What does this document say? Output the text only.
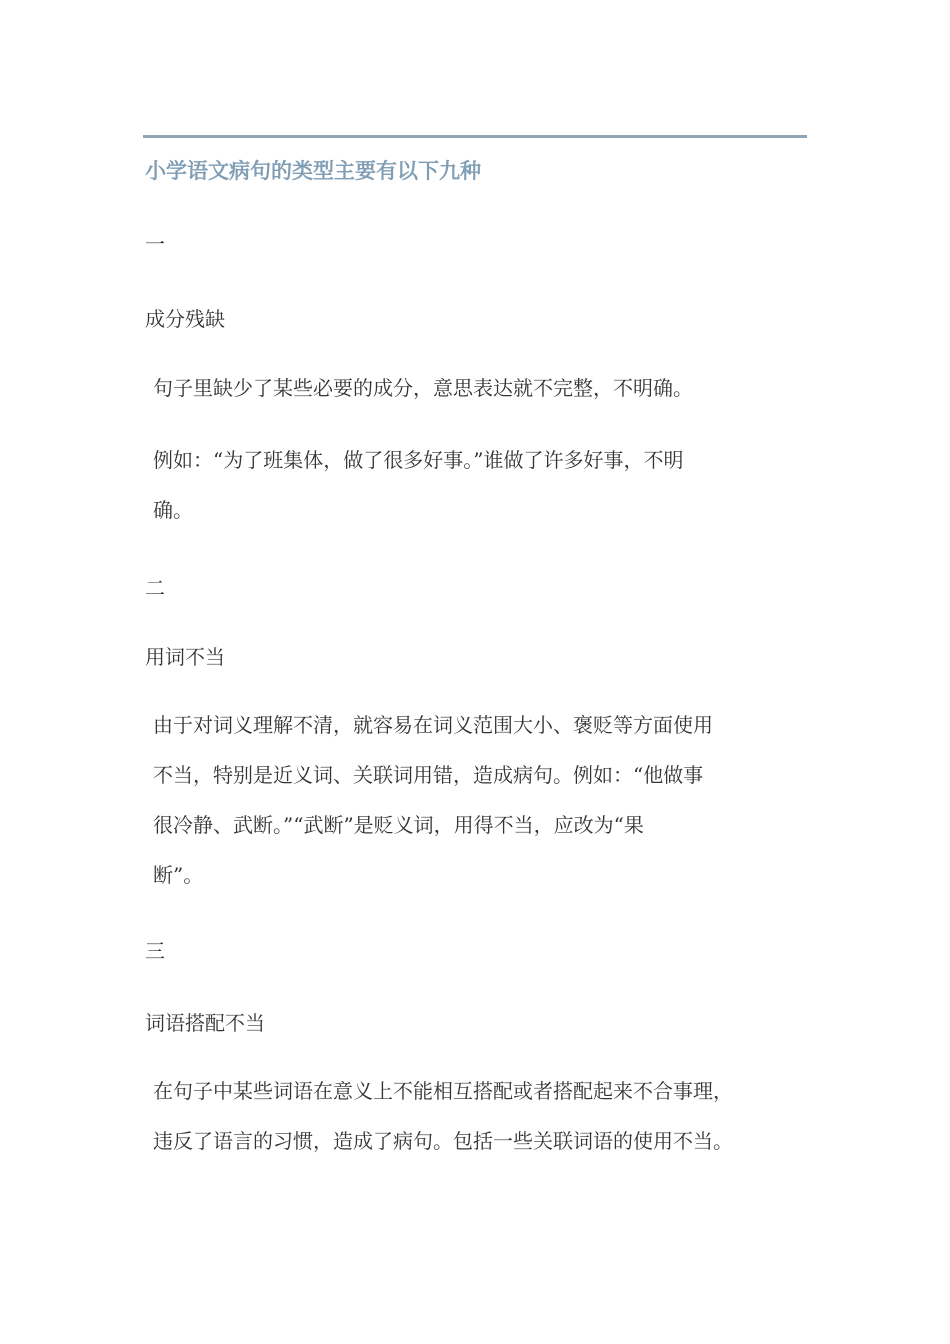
小学语文病句的类型主要有以下九种
一
成分残缺
句子里缺少了某些必要的成分，意思表达就不完整，不明确。
例如：“为了班集体，做了很多好事。”谁做了许多好事，不明
确。
二
用词不当
由于对词义理解不清，就容易在词义范围大小、褒贬等方面使用
不当，特别是近义词、关联词用错，造成病句。例如：“他做事
很冷静、武断。”“武断”是贬义词，用得不当，应改为“果
断”。
三
词语搭配不当
在句子中某些词语在意义上不能相互搭配或者搭配起来不合事理，
违反了语言的习惯，造成了病句。包括一些关联词语的使用不当。
